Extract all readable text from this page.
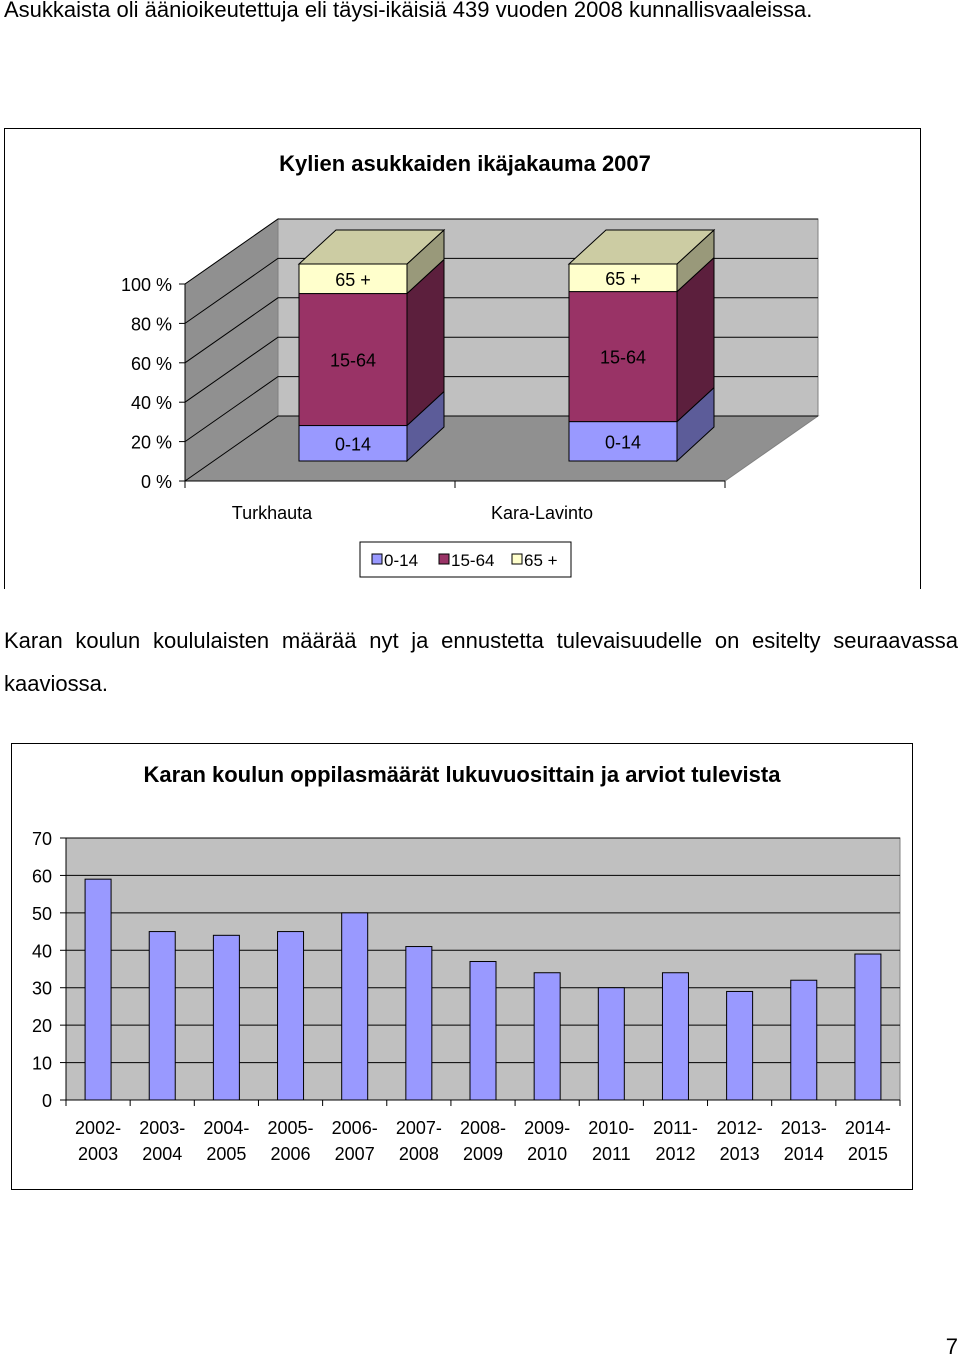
Asukkaista oli äänioikeutettuja eli täysi-ikäisiä 439 vuoden 2008 kunnallisvaaleissa.

Kylien asukkaiden ikäjakauma 2007
0 %
20 %
40 %
60 %
80 %
100 %
0-14
15-64
65 +
Turkhauta
0-14
15-64
65 +
Kara-Lavinto
0-14 15-64 65 +

Karan koulun koululaisten määrää nyt ja ennustetta tulevaisuudelle on esitelty seuraavassa kaaviossa.

Karan koulun oppilasmäärät lukuvuosittain ja arviot tulevista
0
10
20
30
40
50
60
70
2002-
2003
2003-
2004
2004-
2005
2005-
2006
2006-
2007
2007-
2008
2008-
2009
2009-
2010
2010-
2011
2011-
2012
2012-
2013
2013-
2014
2014-
2015
7
